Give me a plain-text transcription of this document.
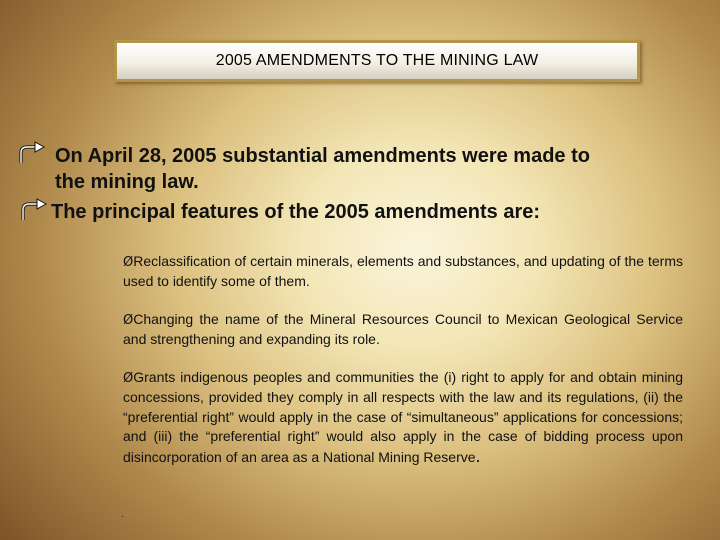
2005 AMENDMENTS TO THE MINING LAW
On April 28, 2005 substantial amendments were made to
the mining law.
The principal features of the 2005 amendments are:
ØReclassification of certain minerals, elements and substances, and updating of the terms used to identify some of them.
ØChanging the name of the Mineral Resources Council to Mexican Geological Service and strengthening and expanding its role.
ØGrants indigenous peoples and communities the (i) right to apply for and obtain mining concessions, provided they comply in all respects with the law and its regulations, (ii) the “preferential right” would apply in the case of “simultaneous” applications for concessions; and (iii) the “preferential right” would also apply in the case of bidding process upon disincorporation of an area as a National Mining Reserve.
.
